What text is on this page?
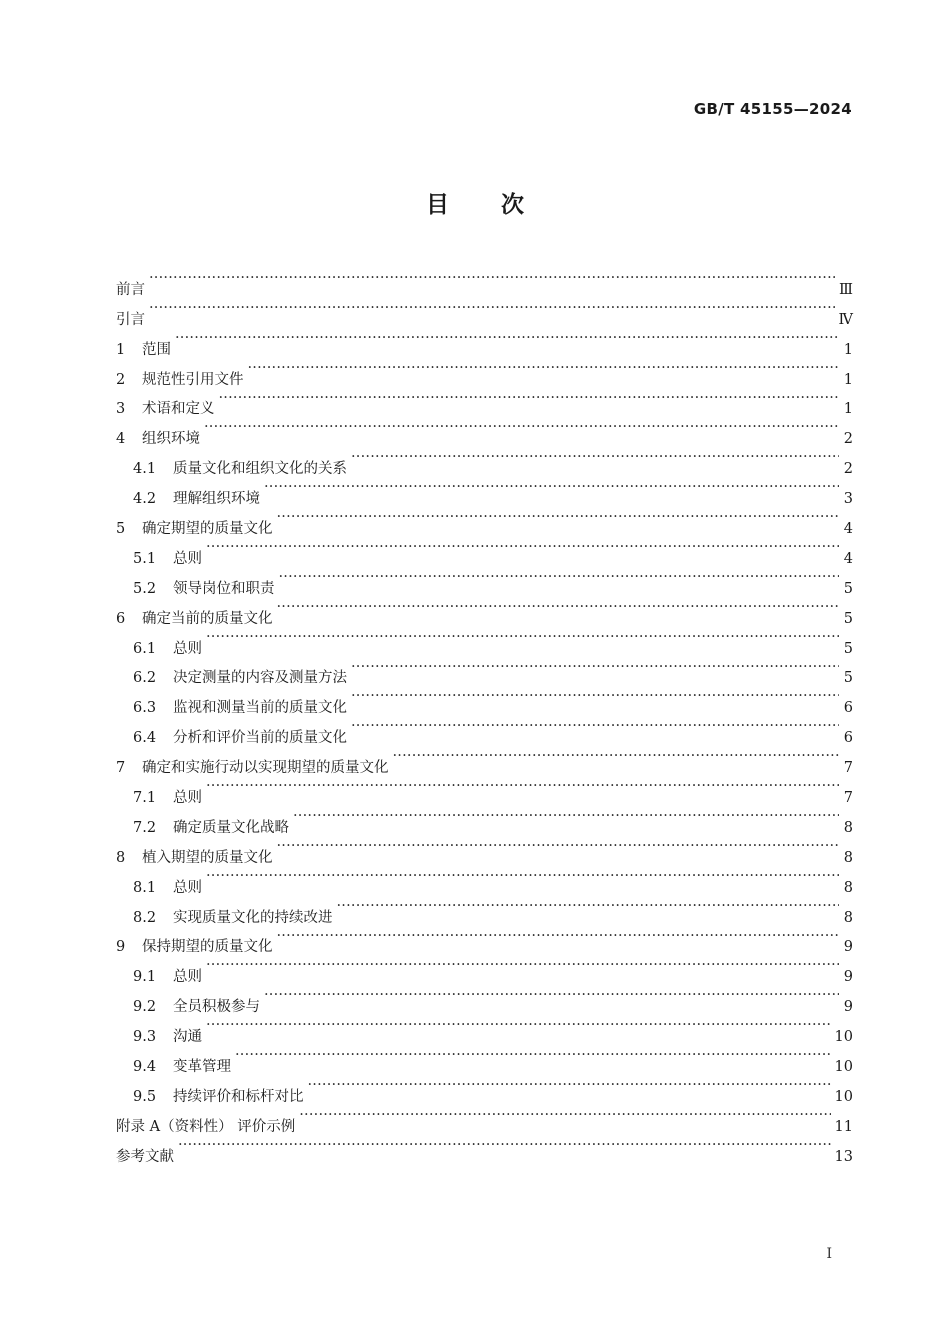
GB/T 45155—2024
目次
前言 ·····	Ⅲ
引言 ·····	Ⅳ
1	范围 ·····	1
2	规范性引用文件 ·····	1
3	术语和定义 ·····	1
4	组织环境 ·····	2
4.1	质量文化和组织文化的关系 ·····	2
4.2	理解组织环境 ·····	3
5	确定期望的质量文化 ·····	4
5.1	总则 ·····	4
5.2	领导岗位和职责 ·····	5
6	确定当前的质量文化 ·····	5
6.1	总则 ·····	5
6.2	决定测量的内容及测量方法 ·····	5
6.3	监视和测量当前的质量文化 ·····	6
6.4	分析和评价当前的质量文化 ·····	6
7	确定和实施行动以实现期望的质量文化 ·····	7
7.1	总则 ·····	7
7.2	确定质量文化战略 ·····	8
8	植入期望的质量文化 ·····	8
8.1	总则 ·····	8
8.2	实现质量文化的持续改进 ·····	8
9	保持期望的质量文化 ·····	9
9.1	总则 ·····	9
9.2	全员积极参与 ·····	9
9.3	沟通 ·····	10
9.4	变革管理 ·····	10
9.5	持续评价和标杆对比 ·····	10
附录 A（资料性） 评价示例 ·····	11
参考文献 ·····	13
I
